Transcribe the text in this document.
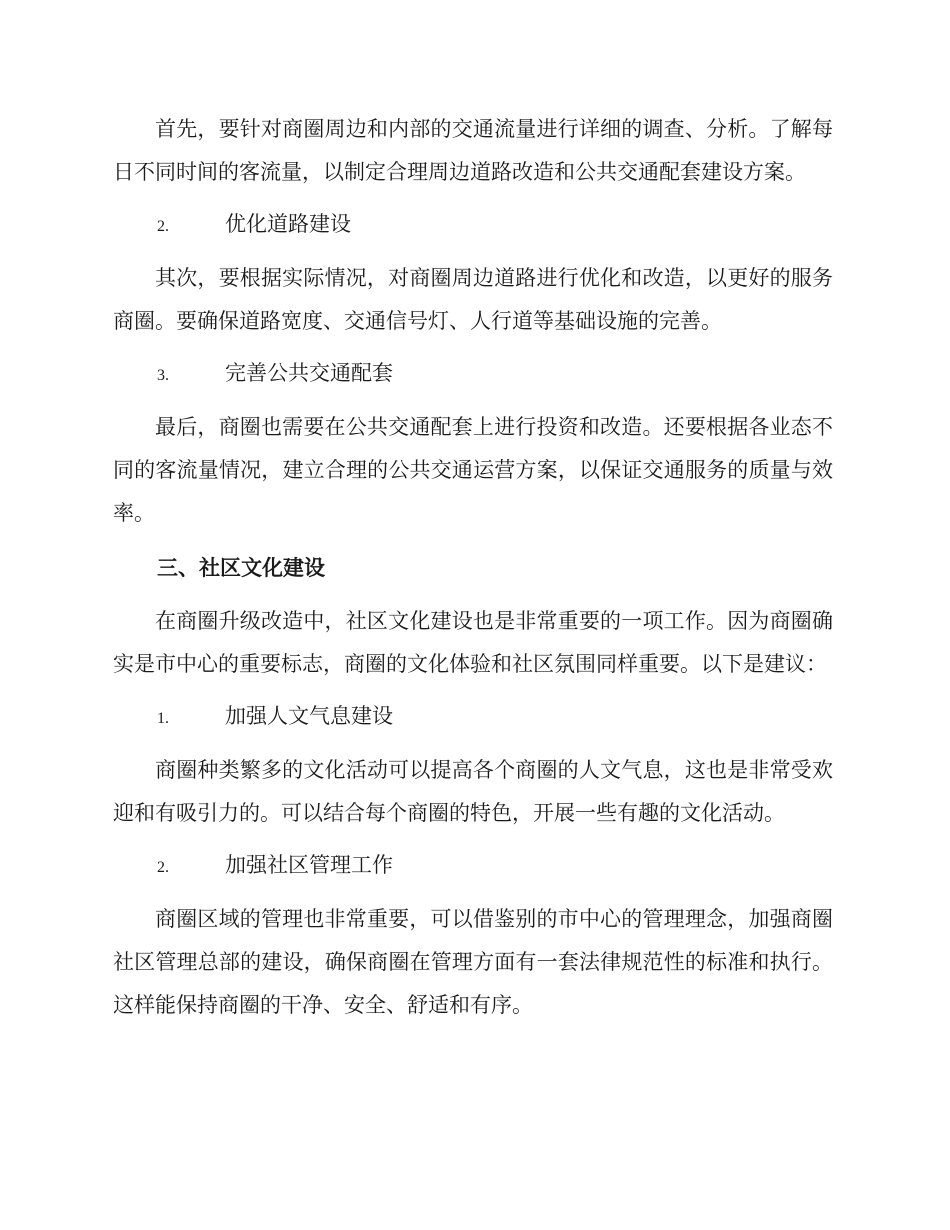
首先，要针对商圈周边和内部的交通流量进行详细的调查、分析。了解每日不同时间的客流量，以制定合理周边道路改造和公共交通配套建设方案。

2.	优化道路建设

其次，要根据实际情况，对商圈周边道路进行优化和改造，以更好的服务商圈。要确保道路宽度、交通信号灯、人行道等基础设施的完善。

3.	完善公共交通配套

最后，商圈也需要在公共交通配套上进行投资和改造。还要根据各业态不同的客流量情况，建立合理的公共交通运营方案，以保证交通服务的质量与效率。

三、社区文化建设

在商圈升级改造中，社区文化建设也是非常重要的一项工作。因为商圈确实是市中心的重要标志，商圈的文化体验和社区氛围同样重要。以下是建议：

1.	加强人文气息建设

商圈种类繁多的文化活动可以提高各个商圈的人文气息，这也是非常受欢迎和有吸引力的。可以结合每个商圈的特色，开展一些有趣的文化活动。

2.	加强社区管理工作

商圈区域的管理也非常重要，可以借鉴别的市中心的管理理念，加强商圈社区管理总部的建设，确保商圈在管理方面有一套法律规范性的标准和执行。这样能保持商圈的干净、安全、舒适和有序。
